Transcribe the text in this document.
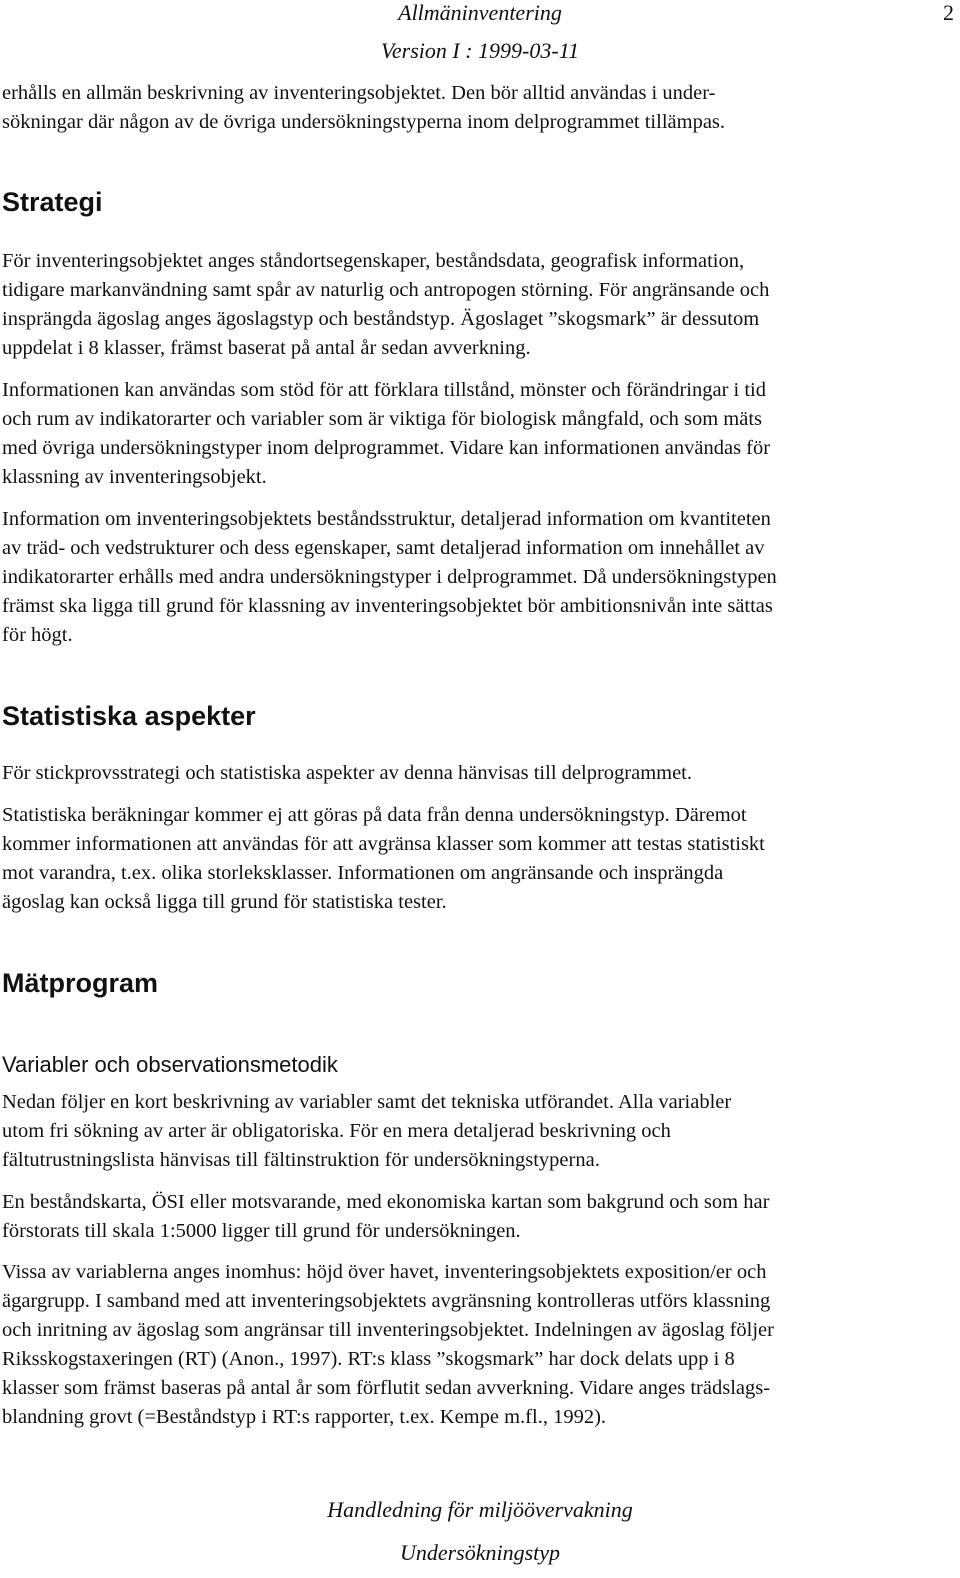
Allmäninventering
Version I : 1999-03-11
2
erhålls en allmän beskrivning av inventeringsobjektet. Den bör alltid användas i under-
sökningar där någon av de övriga undersökningstyperna inom delprogrammet tillämpas.
Strategi
För inventeringsobjektet anges ståndortsegenskaper, beståndsdata, geografisk information,
tidigare markanvändning samt spår av naturlig och antropogen störning. För angränsande och
insprängda ägoslag anges ägoslagstyp och beståndstyp. Ägoslaget ”skogsmark” är dessutom
uppdelat i 8 klasser, främst baserat på antal år sedan avverkning.
Informationen kan användas som stöd för att förklara tillstånd, mönster och förändringar i tid
och rum av indikatorarter och variabler som är viktiga för biologisk mångfald, och som mäts
med övriga undersökningstyper inom delprogrammet. Vidare kan informationen användas för
klassning av inventeringsobjekt.
Information om inventeringsobjektets beståndsstruktur, detaljerad information om kvantiteten
av träd- och vedstrukturer och dess egenskaper, samt detaljerad information om innehållet av
indikatorarter erhålls med andra undersökningstyper i delprogrammet. Då undersökningstypen
främst ska ligga till grund för klassning av inventeringsobjektet bör ambitionsnivån inte sättas
för högt.
Statistiska aspekter
För stickprovsstrategi och statistiska aspekter av denna hänvisas till delprogrammet.
Statistiska beräkningar kommer ej att göras på data från denna undersökningstyp. Däremot
kommer informationen att användas för att avgränsa klasser som kommer att testas statistiskt
mot varandra, t.ex. olika storleksklasser. Informationen om angränsande och insprängda
ägoslag kan också ligga till grund för statistiska tester.
Mätprogram
Variabler och observationsmetodik
Nedan följer en kort beskrivning av variabler samt det tekniska utförandet. Alla variabler
utom fri sökning av arter är obligatoriska. För en mera detaljerad beskrivning och
fältutrustningslista hänvisas till fältinstruktion för undersökningstyperna.
En beståndskarta, ÖSI eller motsvarande, med ekonomiska kartan som bakgrund och som har
förstorats till skala 1:5000 ligger till grund för undersökningen.
Vissa av variablerna anges inomhus: höjd över havet, inventeringsobjektets exposition/er och
ägargrupp. I samband med att inventeringsobjektets avgränsning kontrolleras utförs klassning
och inritning av ägoslag som angränsar till inventeringsobjektet. Indelningen av ägoslag följer
Riksskogstaxeringen (RT) (Anon., 1997). RT:s klass ”skogsmark” har dock delats upp i 8
klasser som främst baseras på antal år som förflutit sedan avverkning. Vidare anges trädslags-
blandning grovt (=Beståndstyp i RT:s rapporter, t.ex. Kempe m.fl., 1992).
Handledning för miljöövervakning
Undersökningstyp
